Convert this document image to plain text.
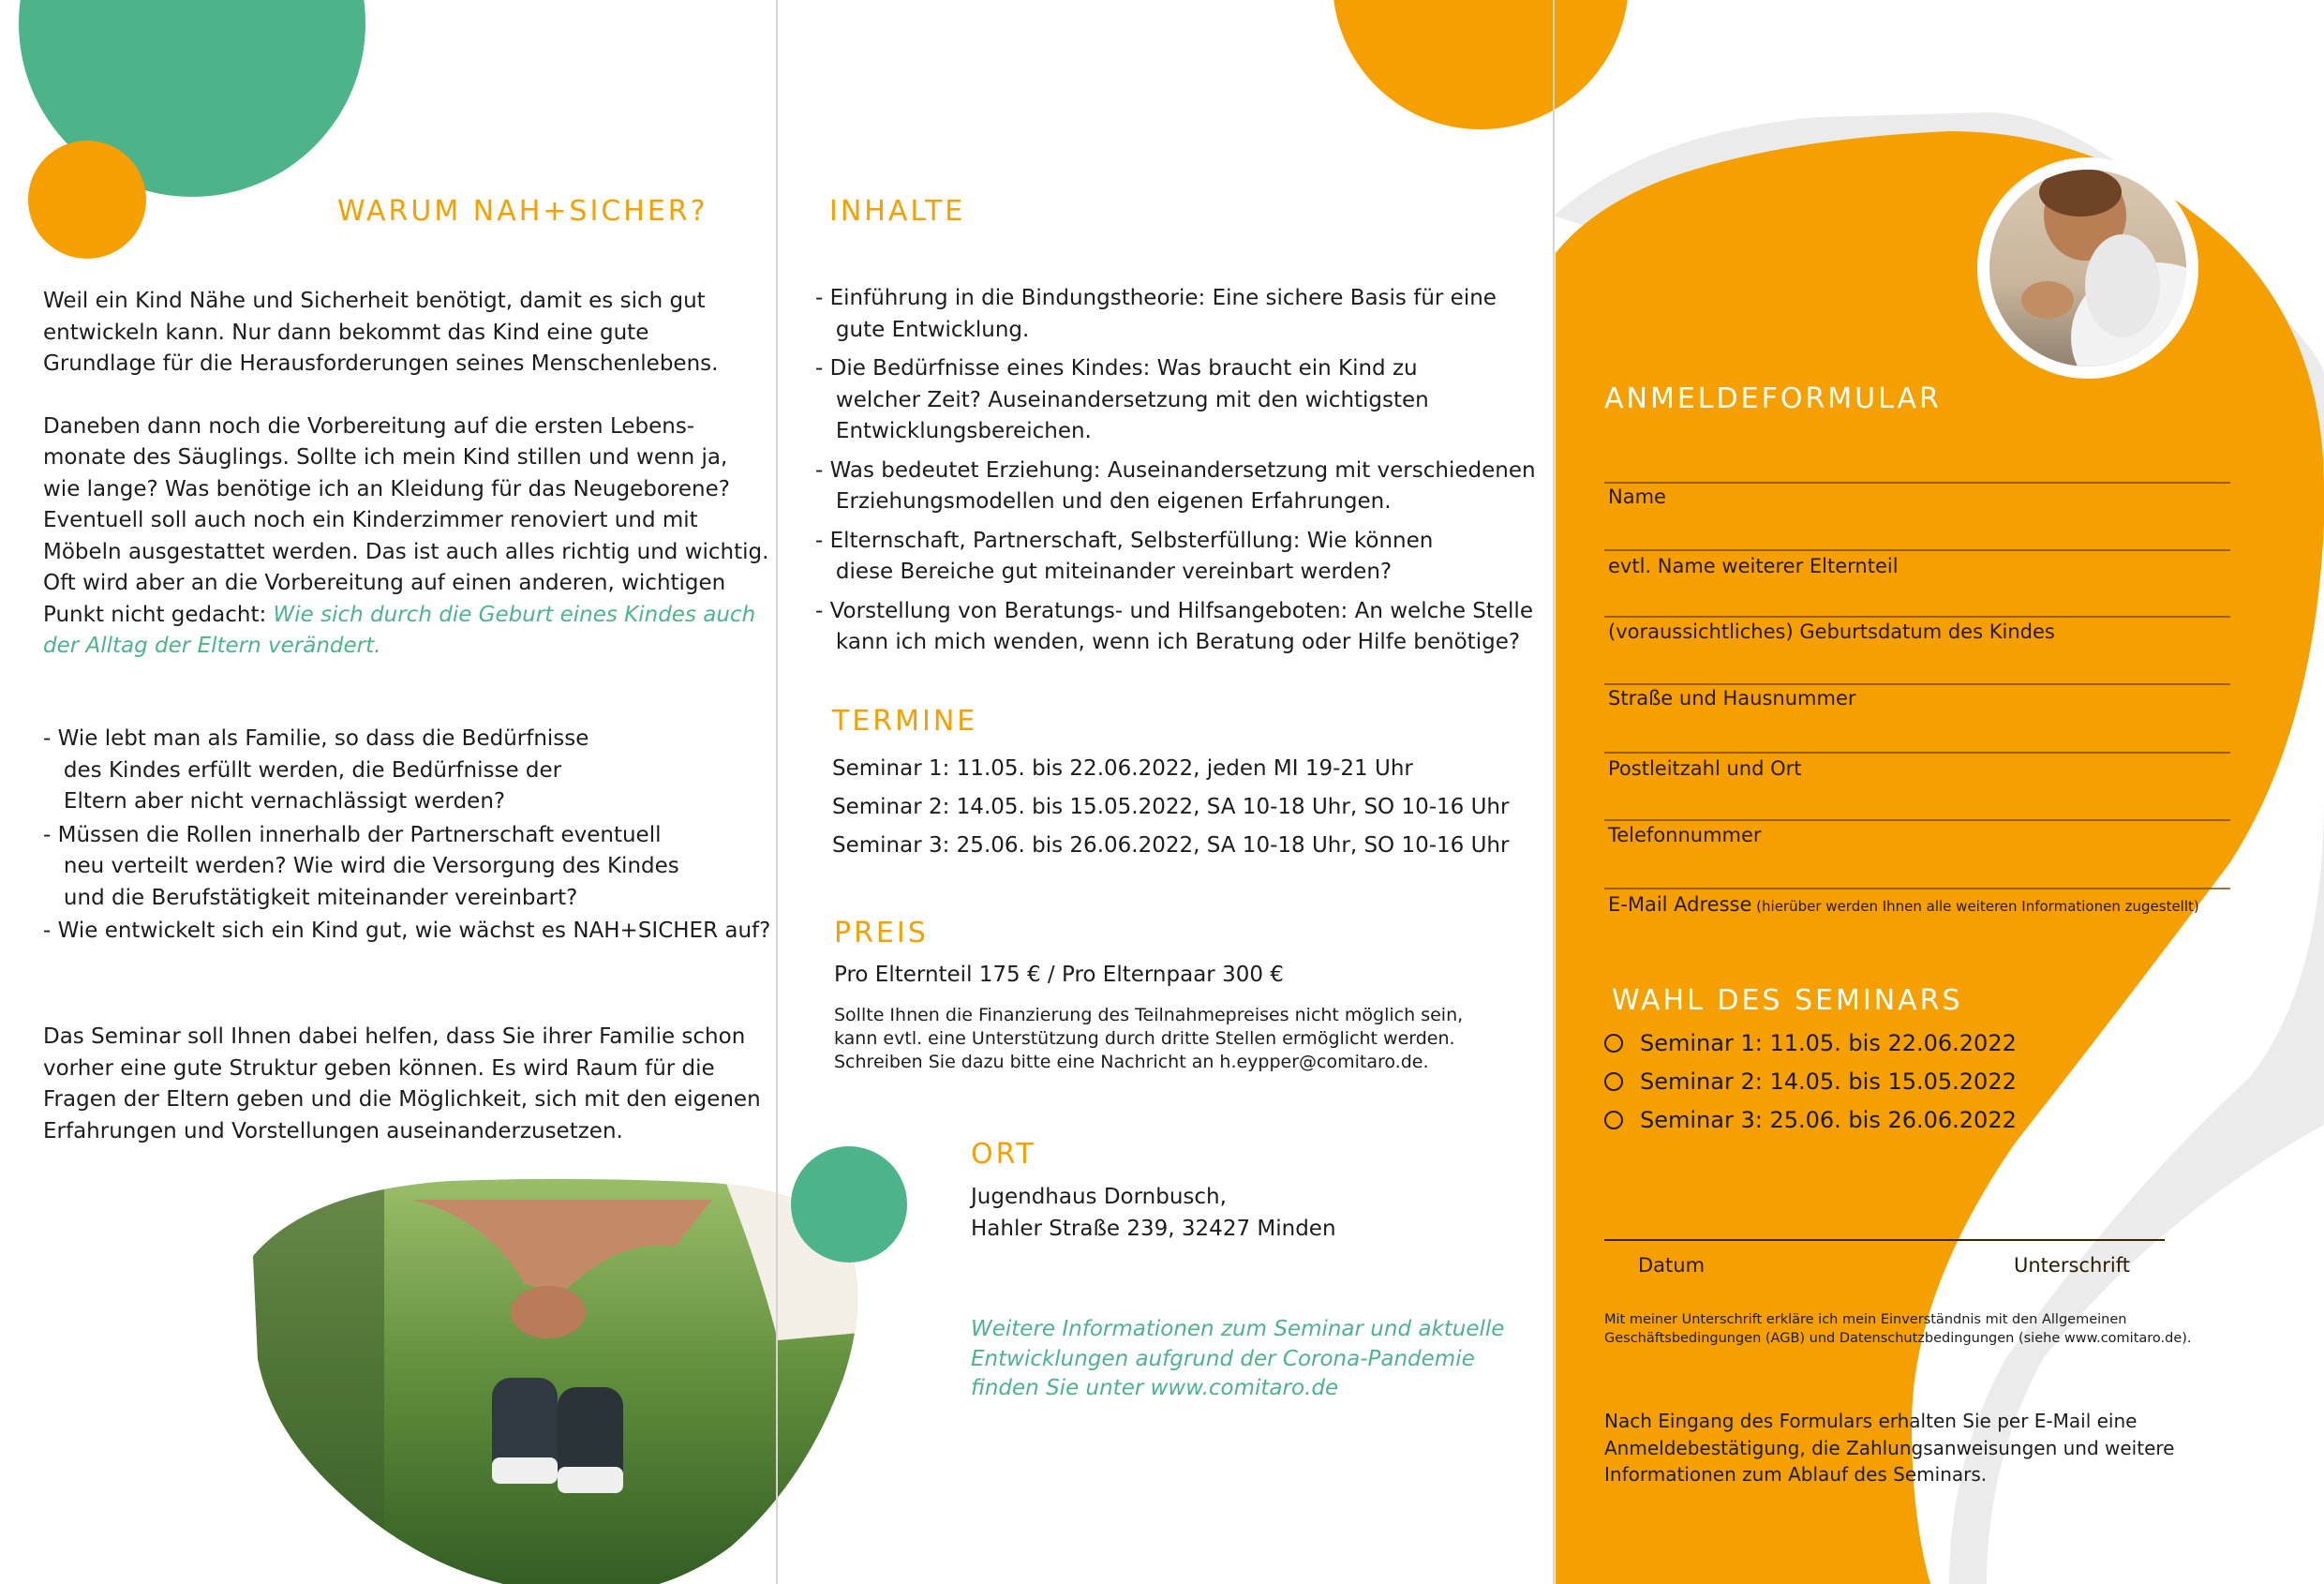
WARUM NAH+SICHER?

Weil ein Kind Nähe und Sicherheit benötigt, damit es sich gut

entwickeln kann. Nur dann bekommt das Kind eine gute

Grundlage für die Herausforderungen seines Menschenlebens.

Daneben dann noch die Vorbereitung auf die ersten Lebens-

monate des Säuglings. Sollte ich mein Kind stillen und wenn ja,

wie lange? Was benötige ich an Kleidung für das Neugeborene?

Eventuell soll auch noch ein Kinderzimmer renoviert und mit

Möbeln ausgestattet werden. Das ist auch alles richtig und wichtig.

Oft wird aber an die Vorbereitung auf einen anderen, wichtigen

Punkt nicht gedacht: Wie sich durch die Geburt eines Kindes auch

der Alltag der Eltern verändert.

- Wie lebt man als Familie, so dass die Bedürfnisse

des Kindes erfüllt werden, die Bedürfnisse der

Eltern aber nicht vernachlässigt werden?

- Müssen die Rollen innerhalb der Partnerschaft eventuell

neu verteilt werden? Wie wird die Versorgung des Kindes

und die Berufstätigkeit miteinander vereinbart?

- Wie entwickelt sich ein Kind gut, wie wächst es NAH+SICHER auf?

Das Seminar soll Ihnen dabei helfen, dass Sie ihrer Familie schon

vorher eine gute Struktur geben können. Es wird Raum für die

Fragen der Eltern geben und die Möglichkeit, sich mit den eigenen

Erfahrungen und Vorstellungen auseinanderzusetzen.

INHALTE

- Einführung in die Bindungstheorie: Eine sichere Basis für eine

gute Entwicklung.

- Die Bedürfnisse eines Kindes: Was braucht ein Kind zu

welcher Zeit? Auseinandersetzung mit den wichtigsten

Entwicklungsbereichen.

- Was bedeutet Erziehung: Auseinandersetzung mit verschiedenen

Erziehungsmodellen und den eigenen Erfahrungen.

- Elternschaft, Partnerschaft, Selbsterfüllung: Wie können

diese Bereiche gut miteinander vereinbart werden?

- Vorstellung von Beratungs- und Hilfsangeboten: An welche Stelle

kann ich mich wenden, wenn ich Beratung oder Hilfe benötige?

TERMINE

Seminar 1: 11.05. bis 22.06.2022, jeden MI 19-21 Uhr

Seminar 2: 14.05. bis 15.05.2022, SA 10-18 Uhr, SO 10-16 Uhr

Seminar 3: 25.06. bis 26.06.2022, SA 10-18 Uhr, SO 10-16 Uhr

PREIS
Pro Elternteil 175 € / Pro Elternpaar 300 €
Sollte Ihnen die Finanzierung des Teilnahmepreises nicht möglich sein,
kann evtl. eine Unterstützung durch dritte Stellen ermöglicht werden.
Schreiben Sie dazu bitte eine Nachricht an h.eypper@comitaro.de.
ORT

Jugendhaus Dornbusch,

Hahler Straße 239, 32427 Minden

Weitere Informationen zum Seminar und aktuelle

Entwicklungen aufgrund der Corona-Pandemie

finden Sie unter www.comitaro.de

ANMELDEFORMULAR
Name
evtl. Name weiterer Elternteil
(voraussichtliches) Geburtsdatum des Kindes
Straße und Hausnummer
Postleitzahl und Ort
Telefonnummer
E-Mail Adresse (hierüber werden Ihnen alle weiteren Informationen zugestellt)
WAHL DES SEMINARS
Seminar 1: 11.05. bis 22.06.2022
Seminar 2: 14.05. bis 15.05.2022
Seminar 3: 25.06. bis 26.06.2022
Datum	Unterschrift
Mit meiner Unterschrift erkläre ich mein Einverständnis mit den Allgemeinen
Geschäftsbedingungen (AGB) und Datenschutzbedingungen (siehe www.comitaro.de).
Nach Eingang des Formulars erhalten Sie per E-Mail eine
Anmeldebestätigung, die Zahlungsanweisungen und weitere
Informationen zum Ablauf des Seminars.
